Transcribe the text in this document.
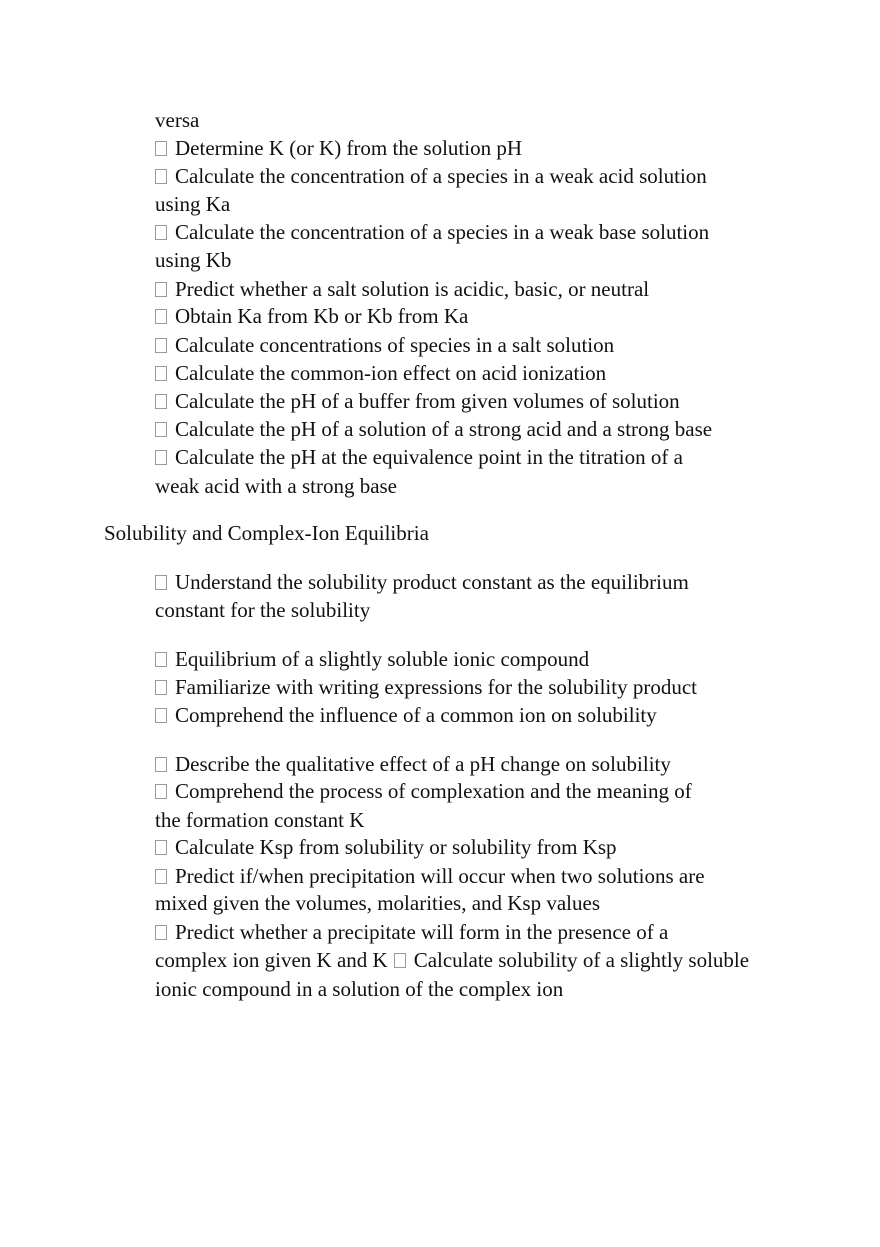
versa
Determine K (or K) from the solution pH
Calculate the concentration of a species in a weak acid solution
using Ka
Calculate the concentration of a species in a weak base solution
using Kb
Predict whether a salt solution is acidic, basic, or neutral
Obtain Ka from Kb or Kb from Ka
Calculate concentrations of species in a salt solution
Calculate the common-ion effect on acid ionization
Calculate the pH of a buffer from given volumes of solution
Calculate the pH of a solution of a strong acid and a strong base
Calculate the pH at the equivalence point in the titration of a
weak acid with a strong base
Solubility and Complex-Ion Equilibria
Understand the solubility product constant as the equilibrium
constant for the solubility
Equilibrium of a slightly soluble ionic compound
Familiarize with writing expressions for the solubility product
Comprehend the influence of a common ion on solubility
Describe the qualitative effect of a pH change on solubility
Comprehend the process of complexation and the meaning of
the formation constant K
Calculate Ksp from solubility or solubility from Ksp
Predict if/when precipitation will occur when two solutions are
mixed given the volumes, molarities, and Ksp values
Predict whether a precipitate will form in the presence of a
complex ion given K and K Calculate solubility of a slightly soluble
ionic compound in a solution of the complex ion
